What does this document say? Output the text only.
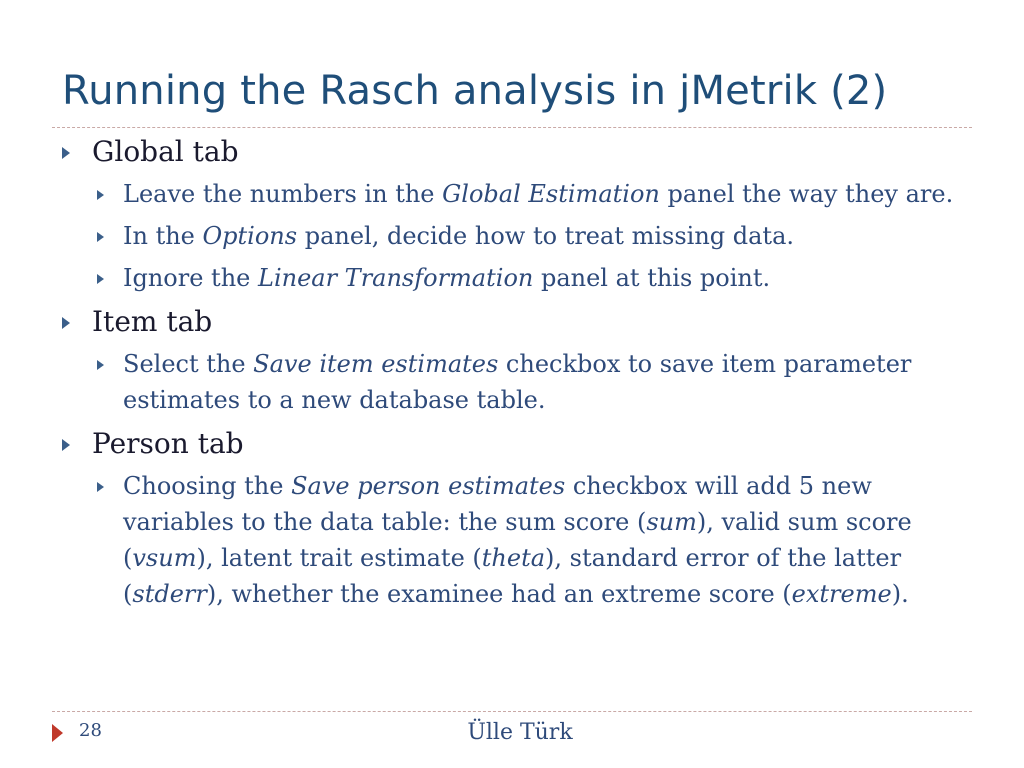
Running the Rasch analysis in jMetrik (2)

Global tab

Leave the numbers in the Global Estimation panel the way they are.

In the Options panel, decide how to treat missing data.

Ignore the Linear Transformation panel at this point.

Item tab

Select the Save item estimates checkbox to save item parameter estimates to a new database table.

Person tab

Choosing the Save person estimates checkbox will add 5 new variables to the data table: the sum score (sum), valid sum score (vsum), latent trait estimate (theta), standard error of the latter (stderr), whether the examinee had an extreme score (extreme).

28	Ülle Türk
